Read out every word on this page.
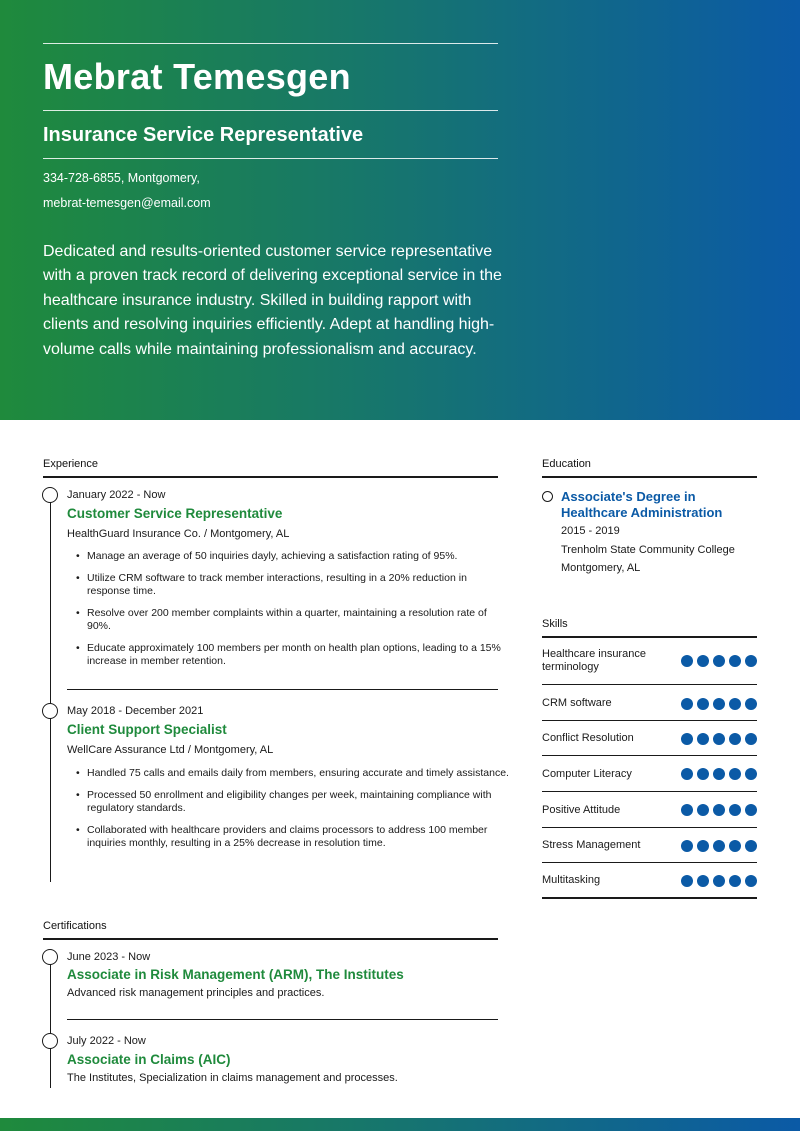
Mebrat Temesgen
Insurance Service Representative
334-728-6855, Montgomery,
mebrat-temesgen@email.com
Dedicated and results-oriented customer service representative with a proven track record of delivering exceptional service in the healthcare insurance industry. Skilled in building rapport with clients and resolving inquiries efficiently. Adept at handling high-volume calls while maintaining professionalism and accuracy.
Experience
January 2022 - Now
Customer Service Representative
HealthGuard Insurance Co. / Montgomery, AL
• Manage an average of 50 inquiries dayly, achieving a satisfaction rating of 95%.
• Utilize CRM software to track member interactions, resulting in a 20% reduction in response time.
• Resolve over 200 member complaints within a quarter, maintaining a resolution rate of 90%.
• Educate approximately 100 members per month on health plan options, leading to a 15% increase in member retention.
May 2018 - December 2021
Client Support Specialist
WellCare Assurance Ltd / Montgomery, AL
• Handled 75 calls and emails daily from members, ensuring accurate and timely assistance.
• Processed 50 enrollment and eligibility changes per week, maintaining compliance with regulatory standards.
• Collaborated with healthcare providers and claims processors to address 100 member inquiries monthly, resulting in a 25% decrease in resolution time.
Certifications
June 2023 - Now
Associate in Risk Management (ARM), The Institutes
Advanced risk management principles and practices.
July 2022 - Now
Associate in Claims (AIC)
The Institutes, Specialization in claims management and processes.
Education
Associate's Degree in Healthcare Administration
2015 - 2019
Trenholm State Community College
Montgomery, AL
Skills
Healthcare insurance terminology
CRM software
Conflict Resolution
Computer Literacy
Positive Attitude
Stress Management
Multitasking
